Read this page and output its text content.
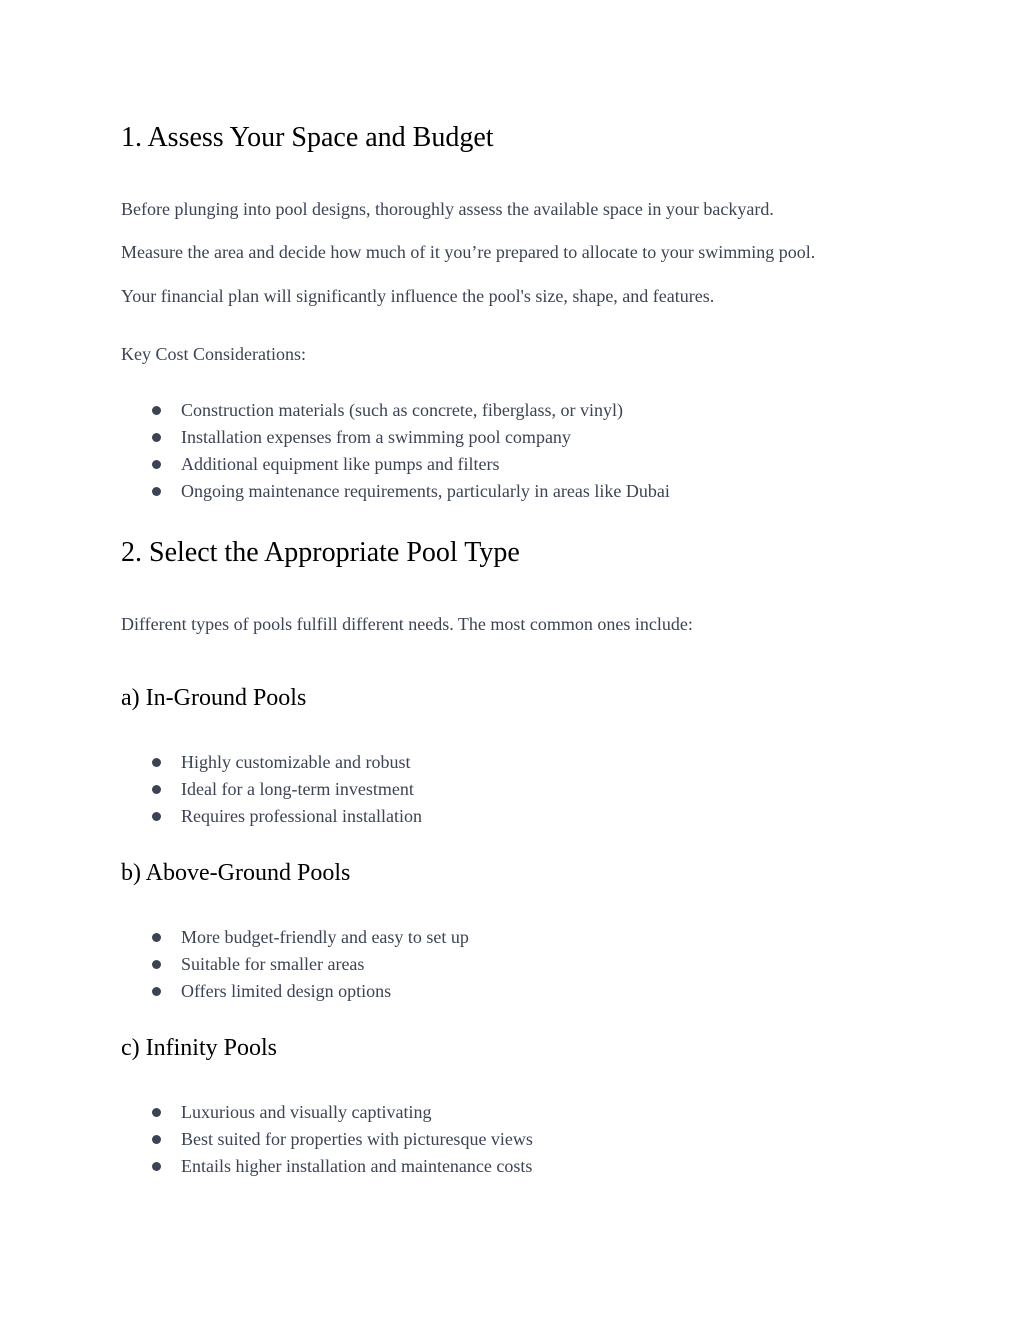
1. Assess Your Space and Budget

Before plunging into pool designs, thoroughly assess the available space in your backyard.

Measure the area and decide how much of it you’re prepared to allocate to your swimming pool.

Your financial plan will significantly influence the pool's size, shape, and features.

Key Cost Considerations:

Construction materials (such as concrete, fiberglass, or vinyl)
Installation expenses from a swimming pool company
Additional equipment like pumps and filters
Ongoing maintenance requirements, particularly in areas like Dubai
2. Select the Appropriate Pool Type

Different types of pools fulfill different needs. The most common ones include:

a) In-Ground Pools
Highly customizable and robust
Ideal for a long-term investment
Requires professional installation
b) Above-Ground Pools
More budget-friendly and easy to set up
Suitable for smaller areas
Offers limited design options
c) Infinity Pools
Luxurious and visually captivating
Best suited for properties with picturesque views
Entails higher installation and maintenance costs
